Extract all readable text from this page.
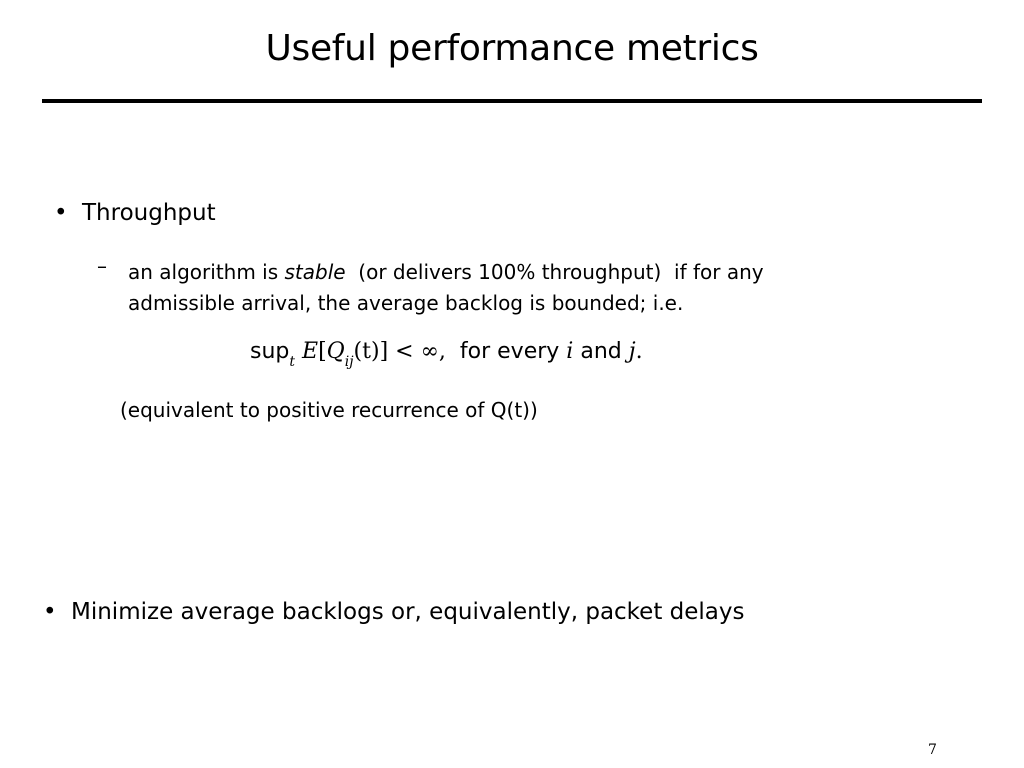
Useful performance metrics
• Throughput
– an algorithm is stable  (or delivers 100% throughput)  if for any
admissible arrival, the average backlog is bounded; i.e.
sup$_t$ $E[Q_{ij}(t)]$ < ∞,  for every i and j.
(equivalent to positive recurrence of Q(t))
• Minimize average backlogs or, equivalently, packet delays
7
